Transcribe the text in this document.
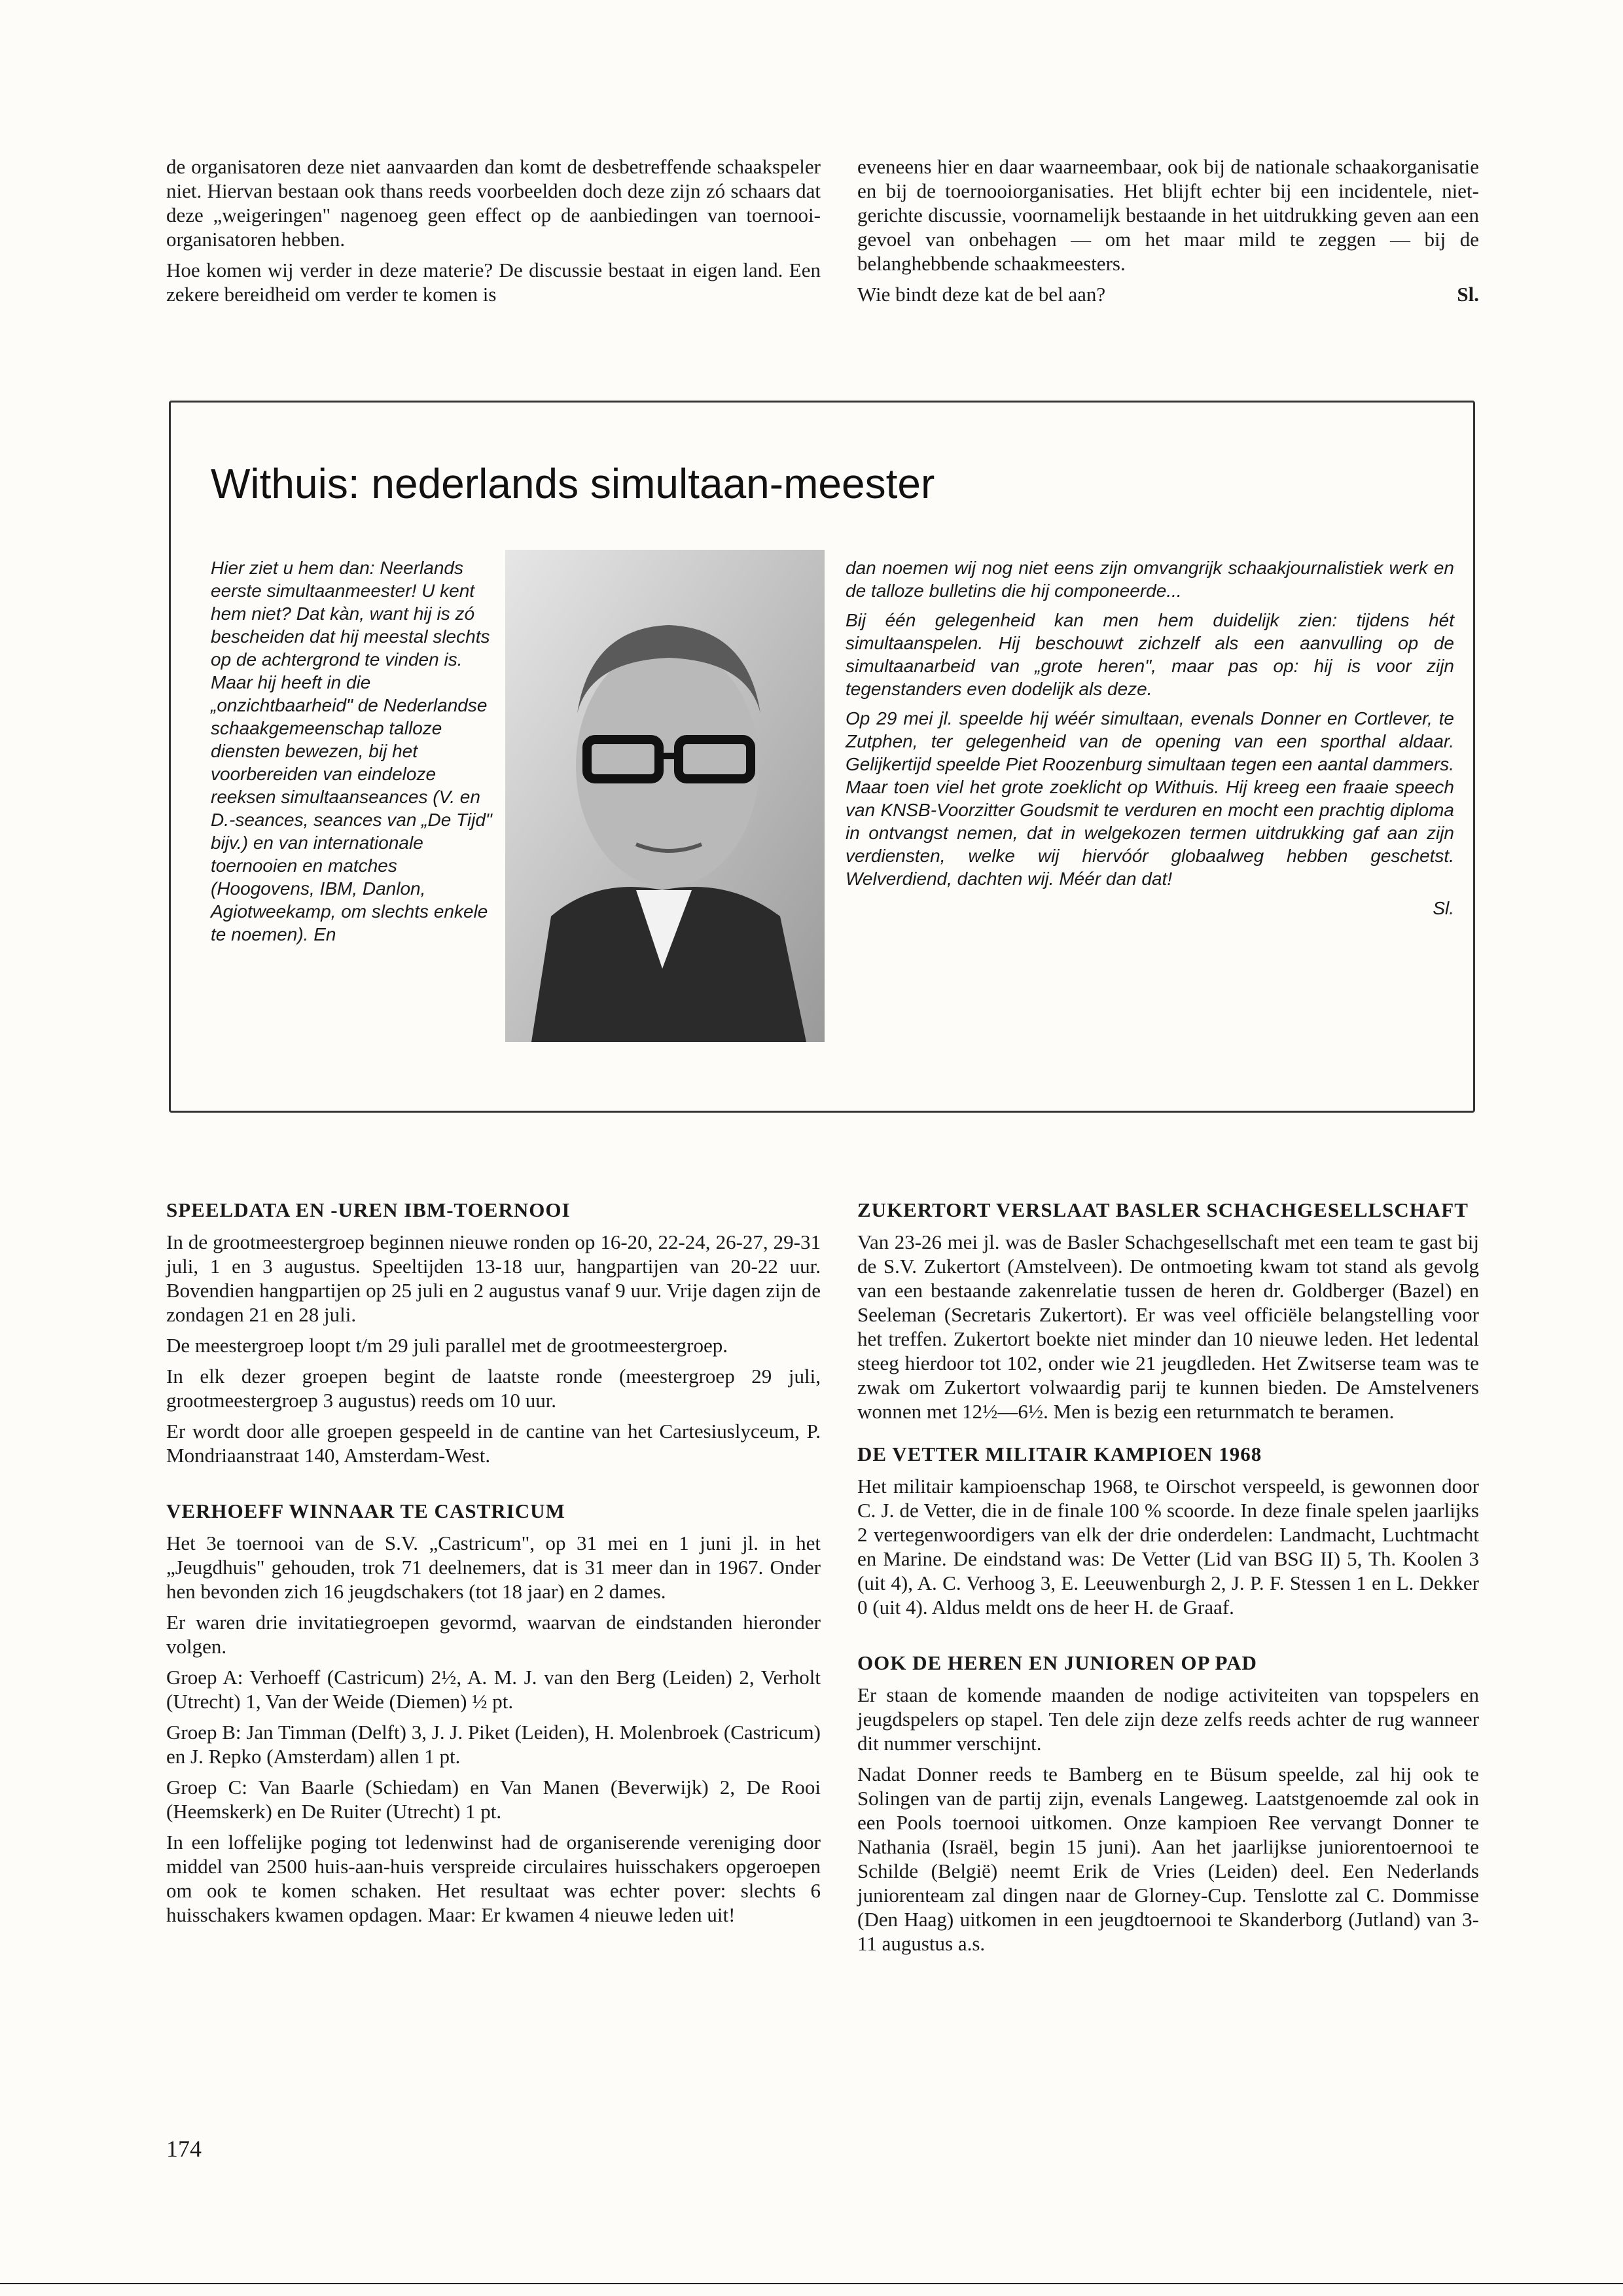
de organisatoren deze niet aanvaarden dan komt de desbetreffende schaakspeler niet. Hiervan bestaan ook thans reeds voorbeelden doch deze zijn zó schaars dat deze „weigeringen" nagenoeg geen effect op de aanbiedingen van toernooi-organisatoren hebben.

Hoe komen wij verder in deze materie? De discussie bestaat in eigen land. Een zekere bereidheid om verder te komen is

eveneens hier en daar waarneembaar, ook bij de nationale schaakorganisatie en bij de toernooiorganisaties. Het blijft echter bij een incidentele, niet-gerichte discussie, voornamelijk bestaande in het uitdrukking geven aan een gevoel van onbehagen — om het maar mild te zeggen — bij de belanghebbende schaakmeesters.

Wie bindt deze kat de bel aan?	Sl.

Withuis: nederlands simultaan-meester
Hier ziet u hem dan: Neerlands eerste simultaanmeester! U kent hem niet? Dat kàn, want hij is zó bescheiden dat hij meestal slechts op de achtergrond te vinden is. Maar hij heeft in die „onzichtbaarheid" de Nederlandse schaakgemeenschap talloze diensten bewezen, bij het voorbereiden van eindeloze reeksen simultaanseances (V. en D.-seances, seances van „De Tijd" bijv.) en van internationale toernooien en matches (Hoogovens, IBM, Danlon, Agiotweekamp, om slechts enkele te noemen). En

dan noemen wij nog niet eens zijn omvangrijk schaakjournalistiek werk en de talloze bulletins die hij componeerde...

Bij één gelegenheid kan men hem duidelijk zien: tijdens hét simultaanspelen. Hij beschouwt zichzelf als een aanvulling op de simultaanarbeid van „grote heren", maar pas op: hij is voor zijn tegenstanders even dodelijk als deze.

Op 29 mei jl. speelde hij wéér simultaan, evenals Donner en Cortlever, te Zutphen, ter gelegenheid van de opening van een sporthal aldaar. Gelijkertijd speelde Piet Roozenburg simultaan tegen een aantal dammers. Maar toen viel het grote zoeklicht op Withuis. Hij kreeg een fraaie speech van KNSB-Voorzitter Goudsmit te verduren en mocht een prachtig diploma in ontvangst nemen, dat in welgekozen termen uitdrukking gaf aan zijn verdiensten, welke wij hiervóór globaalweg hebben geschetst. Welverdiend, dachten wij. Méér dan dat!

Sl.

SPEELDATA EN -UREN IBM-TOERNOOI

In de grootmeestergroep beginnen nieuwe ronden op 16-20, 22-24, 26-27, 29-31 juli, 1 en 3 augustus. Speeltijden 13-18 uur, hangpartijen van 20-22 uur. Bovendien hangpartijen op 25 juli en 2 augustus vanaf 9 uur. Vrije dagen zijn de zondagen 21 en 28 juli.

De meestergroep loopt t/m 29 juli parallel met de grootmeestergroep.

In elk dezer groepen begint de laatste ronde (meestergroep 29 juli, grootmeestergroep 3 augustus) reeds om 10 uur.

Er wordt door alle groepen gespeeld in de cantine van het Cartesiuslyceum, P. Mondriaanstraat 140, Amsterdam-West.

VERHOEFF WINNAAR TE CASTRICUM

Het 3e toernooi van de S.V. „Castricum", op 31 mei en 1 juni jl. in het „Jeugdhuis" gehouden, trok 71 deelnemers, dat is 31 meer dan in 1967. Onder hen bevonden zich 16 jeugdschakers (tot 18 jaar) en 2 dames.

Er waren drie invitatiegroepen gevormd, waarvan de eindstanden hieronder volgen.

Groep A: Verhoeff (Castricum) 2½, A. M. J. van den Berg (Leiden) 2, Verholt (Utrecht) 1, Van der Weide (Diemen) ½ pt.

Groep B: Jan Timman (Delft) 3, J. J. Piket (Leiden), H. Molenbroek (Castricum) en J. Repko (Amsterdam) allen 1 pt.

Groep C: Van Baarle (Schiedam) en Van Manen (Beverwijk) 2, De Rooi (Heemskerk) en De Ruiter (Utrecht) 1 pt.

In een loffelijke poging tot ledenwinst had de organiserende vereniging door middel van 2500 huis-aan-huis verspreide circulaires huisschakers opgeroepen om ook te komen schaken. Het resultaat was echter pover: slechts 6 huisschakers kwamen opdagen. Maar: Er kwamen 4 nieuwe leden uit!

ZUKERTORT VERSLAAT BASLER SCHACHGESELLSCHAFT

Van 23-26 mei jl. was de Basler Schachgesellschaft met een team te gast bij de S.V. Zukertort (Amstelveen). De ontmoeting kwam tot stand als gevolg van een bestaande zakenrelatie tussen de heren dr. Goldberger (Bazel) en Seeleman (Secretaris Zukertort). Er was veel officiële belangstelling voor het treffen. Zukertort boekte niet minder dan 10 nieuwe leden. Het ledental steeg hierdoor tot 102, onder wie 21 jeugdleden. Het Zwitserse team was te zwak om Zukertort volwaardig parij te kunnen bieden. De Amstelveners wonnen met 12½—6½. Men is bezig een returnmatch te beramen.

DE VETTER MILITAIR KAMPIOEN 1968

Het militair kampioenschap 1968, te Oirschot verspeeld, is gewonnen door C. J. de Vetter, die in de finale 100 % scoorde. In deze finale spelen jaarlijks 2 vertegenwoordigers van elk der drie onderdelen: Landmacht, Luchtmacht en Marine. De eindstand was: De Vetter (Lid van BSG II) 5, Th. Koolen 3 (uit 4), A. C. Verhoog 3, E. Leeuwenburgh 2, J. P. F. Stessen 1 en L. Dekker 0 (uit 4). Aldus meldt ons de heer H. de Graaf.

OOK DE HEREN EN JUNIOREN OP PAD

Er staan de komende maanden de nodige activiteiten van topspelers en jeugdspelers op stapel. Ten dele zijn deze zelfs reeds achter de rug wanneer dit nummer verschijnt.

Nadat Donner reeds te Bamberg en te Büsum speelde, zal hij ook te Solingen van de partij zijn, evenals Langeweg. Laatstgenoemde zal ook in een Pools toernooi uitkomen. Onze kampioen Ree vervangt Donner te Nathania (Israël, begin 15 juni). Aan het jaarlijkse juniorentoernooi te Schilde (België) neemt Erik de Vries (Leiden) deel. Een Nederlands juniorenteam zal dingen naar de Glorney-Cup. Tenslotte zal C. Dommisse (Den Haag) uitkomen in een jeugdtoernooi te Skanderborg (Jutland) van 3-11 augustus a.s.

174
